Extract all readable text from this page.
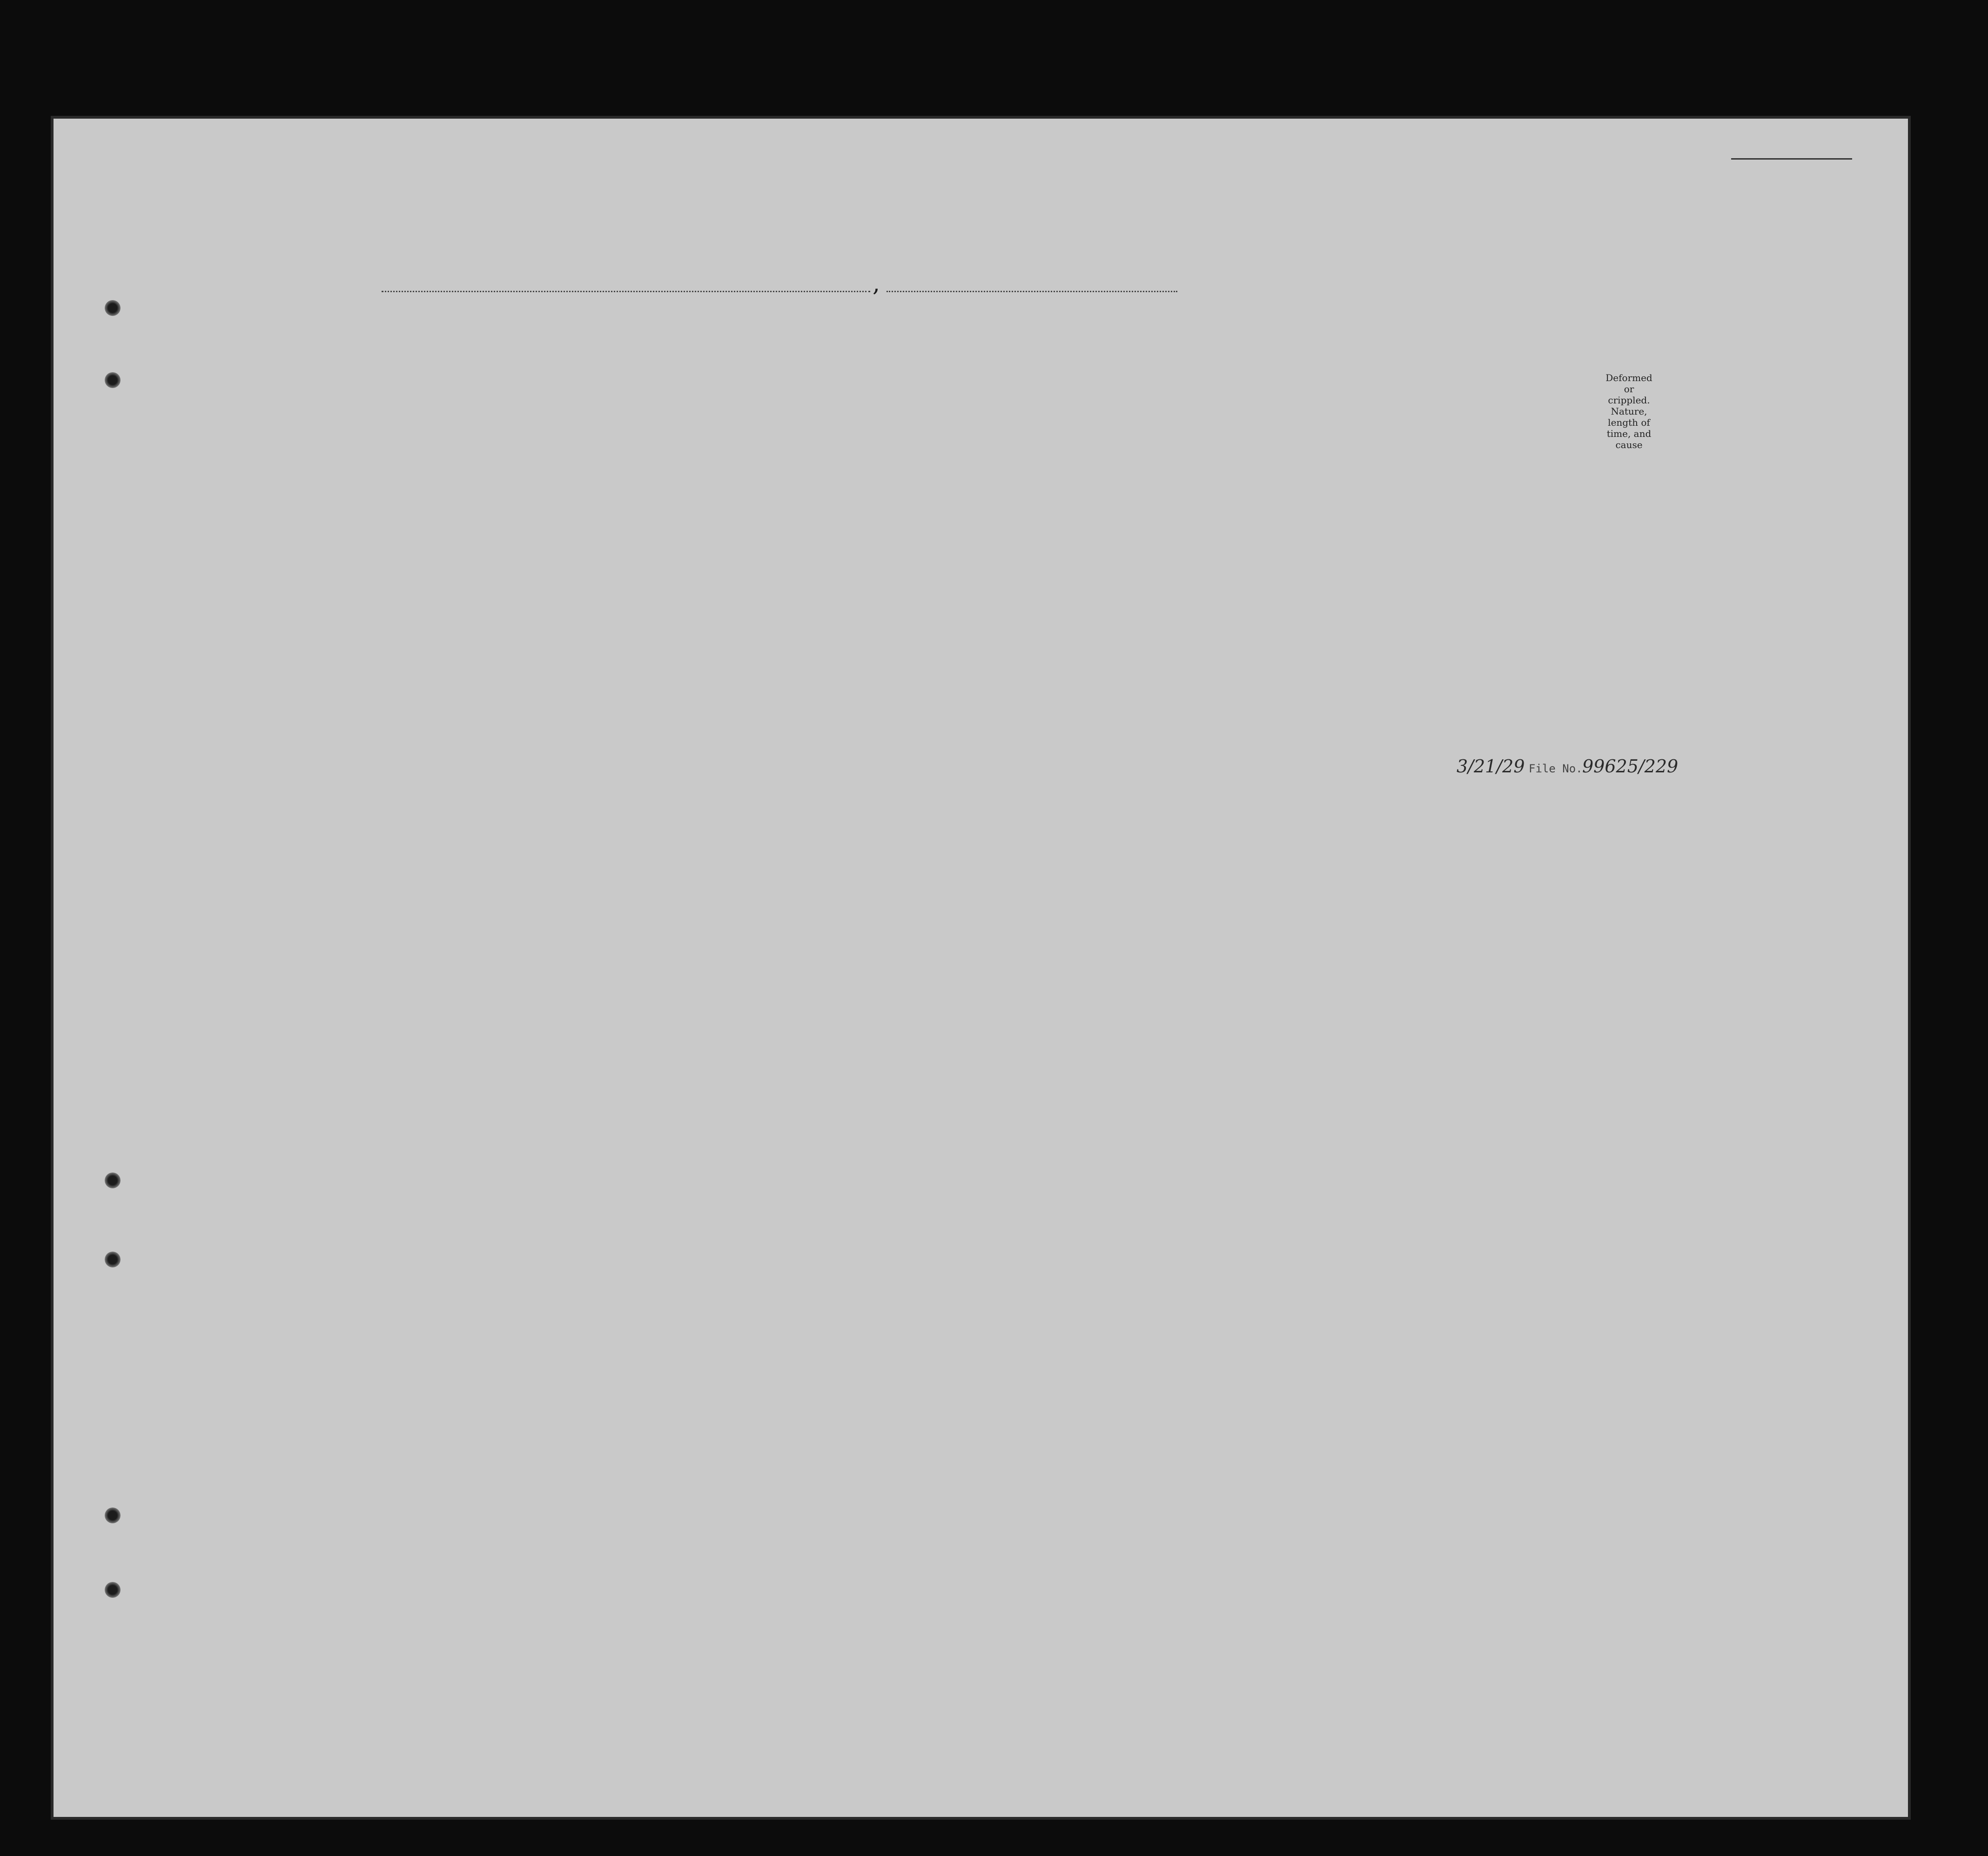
,
3/21/29 File No. 99625/229
Deformed or crippled. Nature, length of time, and cause
